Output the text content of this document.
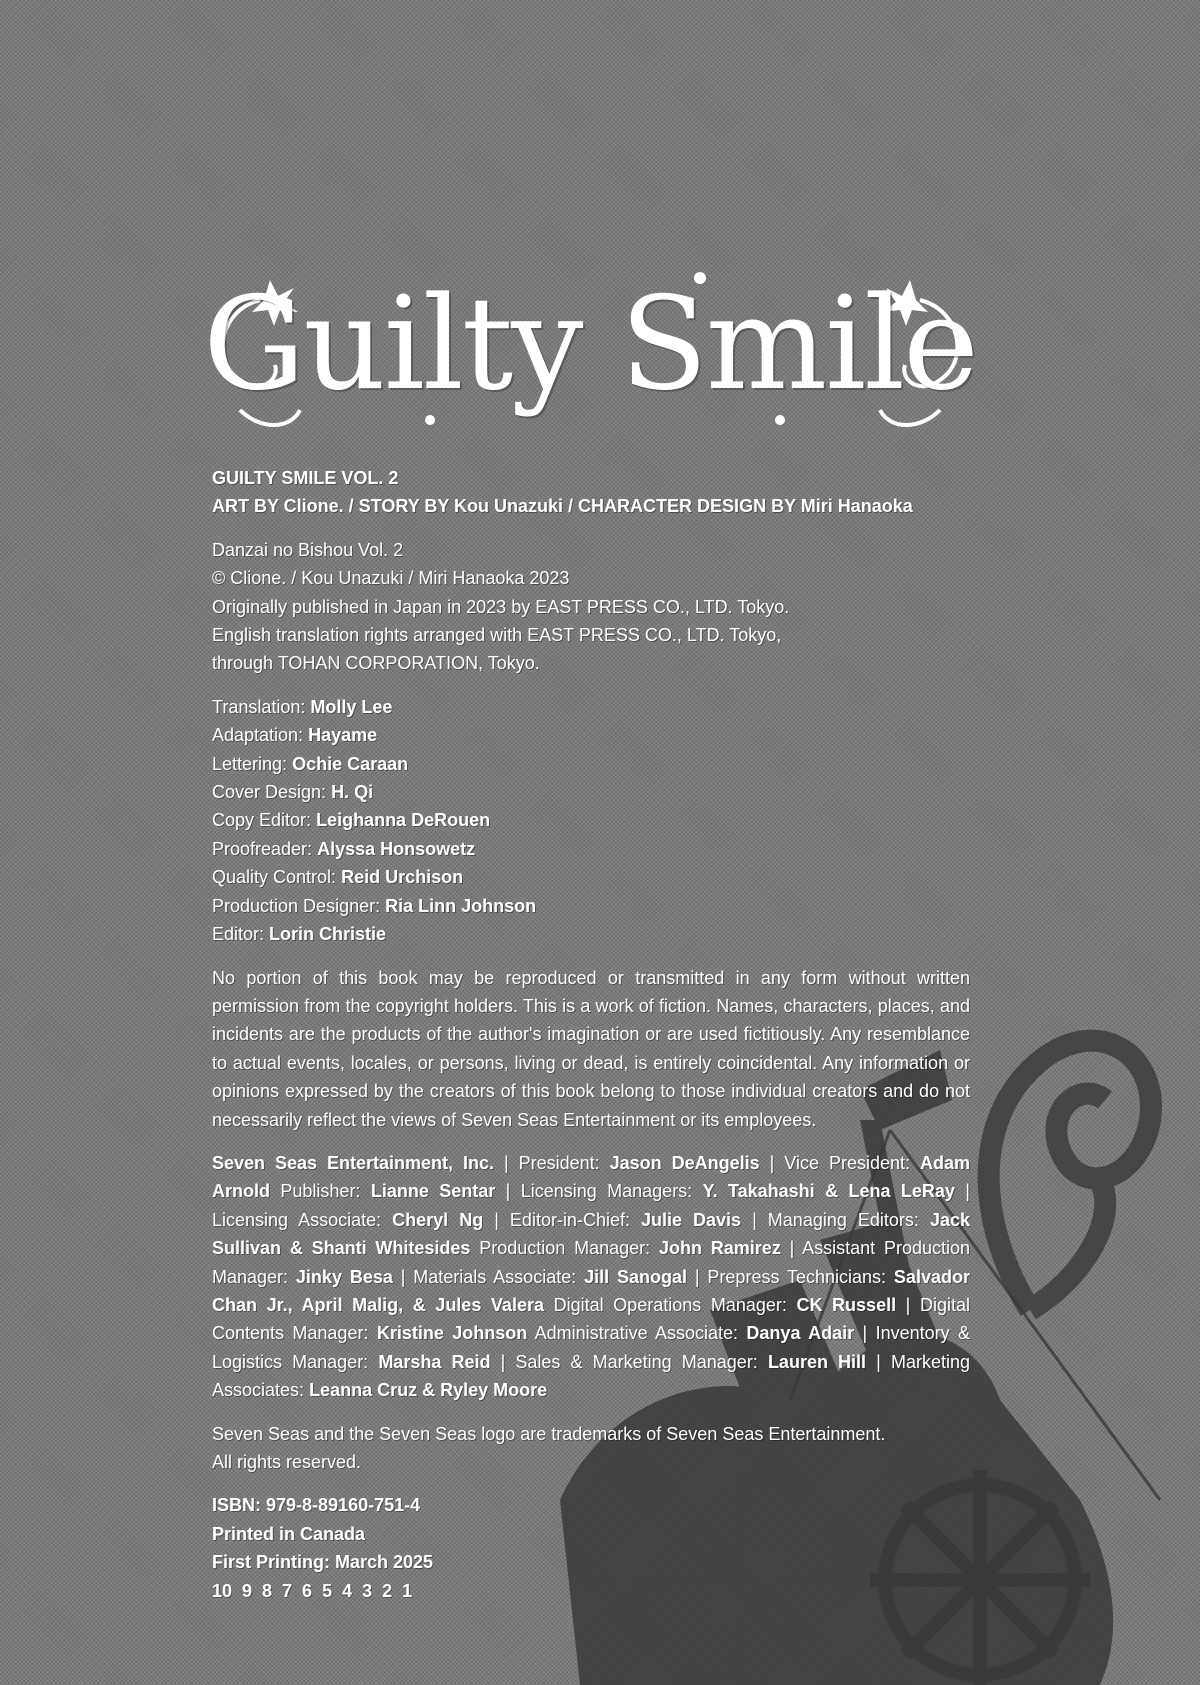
Guilty Smile

GUILTY SMILE VOL. 2
ART BY Clione. / STORY BY Kou Unazuki / CHARACTER DESIGN BY Miri Hanaoka

Danzai no Bishou Vol. 2
© Clione. / Kou Unazuki / Miri Hanaoka 2023
Originally published in Japan in 2023 by EAST PRESS CO., LTD. Tokyo.
English translation rights arranged with EAST PRESS CO., LTD. Tokyo,
through TOHAN CORPORATION, Tokyo.

Translation: Molly Lee
Adaptation: Hayame
Lettering: Ochie Caraan
Cover Design: H. Qi
Copy Editor: Leighanna DeRouen
Proofreader: Alyssa Honsowetz
Quality Control: Reid Urchison
Production Designer: Ria Linn Johnson
Editor: Lorin Christie

No portion of this book may be reproduced or transmitted in any form without written permission from the copyright holders. This is a work of fiction. Names, characters, places, and incidents are the products of the author's imagination or are used fictitiously. Any resemblance to actual events, locales, or persons, living or dead, is entirely coincidental. Any information or opinions expressed by the creators of this book belong to those individual creators and do not necessarily reflect the views of Seven Seas Entertainment or its employees.

Seven Seas Entertainment, Inc. | President: Jason DeAngelis | Vice President: Adam Arnold Publisher: Lianne Sentar | Licensing Managers: Y. Takahashi & Lena LeRay | Licensing Associate: Cheryl Ng | Editor-in-Chief: Julie Davis | Managing Editors: Jack Sullivan & Shanti Whitesides Production Manager: John Ramirez | Assistant Production Manager: Jinky Besa | Materials Associate: Jill Sanogal | Prepress Technicians: Salvador Chan Jr., April Malig, & Jules Valera Digital Operations Manager: CK Russell | Digital Contents Manager: Kristine Johnson Administrative Associate: Danya Adair | Inventory & Logistics Manager: Marsha Reid | Sales & Marketing Manager: Lauren Hill | Marketing Associates: Leanna Cruz & Ryley Moore

Seven Seas and the Seven Seas logo are trademarks of Seven Seas Entertainment.
All rights reserved.

ISBN: 979-8-89160-751-4
Printed in Canada
First Printing: March 2025
10  9  8  7  6  5  4  3  2  1
